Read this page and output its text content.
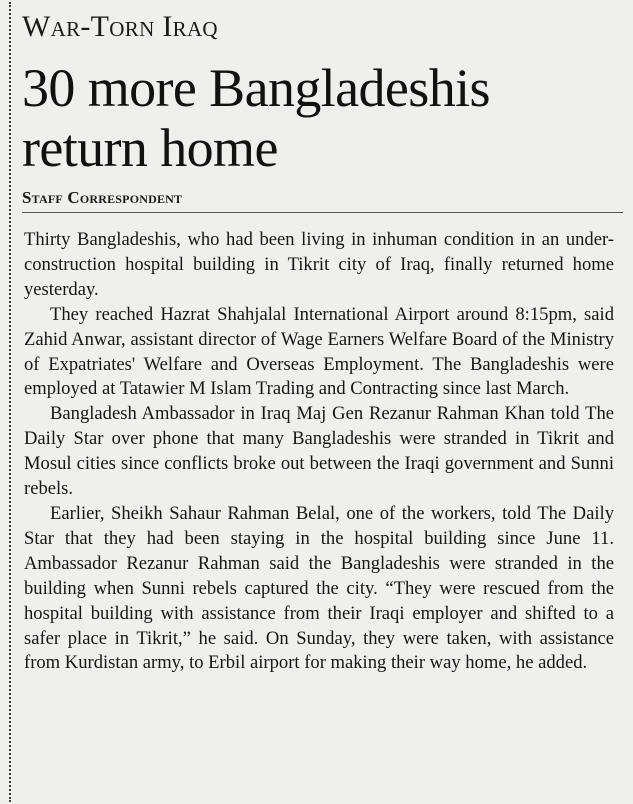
War-Torn Iraq
30 more Bangladeshis return home
Staff Correspondent

Thirty Bangladeshis, who had been living in inhuman condition in an under-construction hospital building in Tikrit city of Iraq, finally returned home yesterday.

They reached Hazrat Shahjalal International Airport around 8:15pm, said Zahid Anwar, assistant director of Wage Earners Welfare Board of the Ministry of Expatriates' Welfare and Overseas Employment. The Bangladeshis were employed at Tatawier M Islam Trading and Contracting since last March.

Bangladesh Ambassador in Iraq Maj Gen Rezanur Rahman Khan told The Daily Star over phone that many Bangladeshis were stranded in Tikrit and Mosul cities since conflicts broke out between the Iraqi government and Sunni rebels.

Earlier, Sheikh Sahaur Rahman Belal, one of the workers, told The Daily Star that they had been staying in the hospital building since June 11. Ambassador Rezanur Rahman said the Bangladeshis were stranded in the building when Sunni rebels captured the city. “They were rescued from the hospital building with assistance from their Iraqi employer and shifted to a safer place in Tikrit,” he said. On Sunday, they were taken, with assistance from Kurdistan army, to Erbil airport for making their way home, he added.
